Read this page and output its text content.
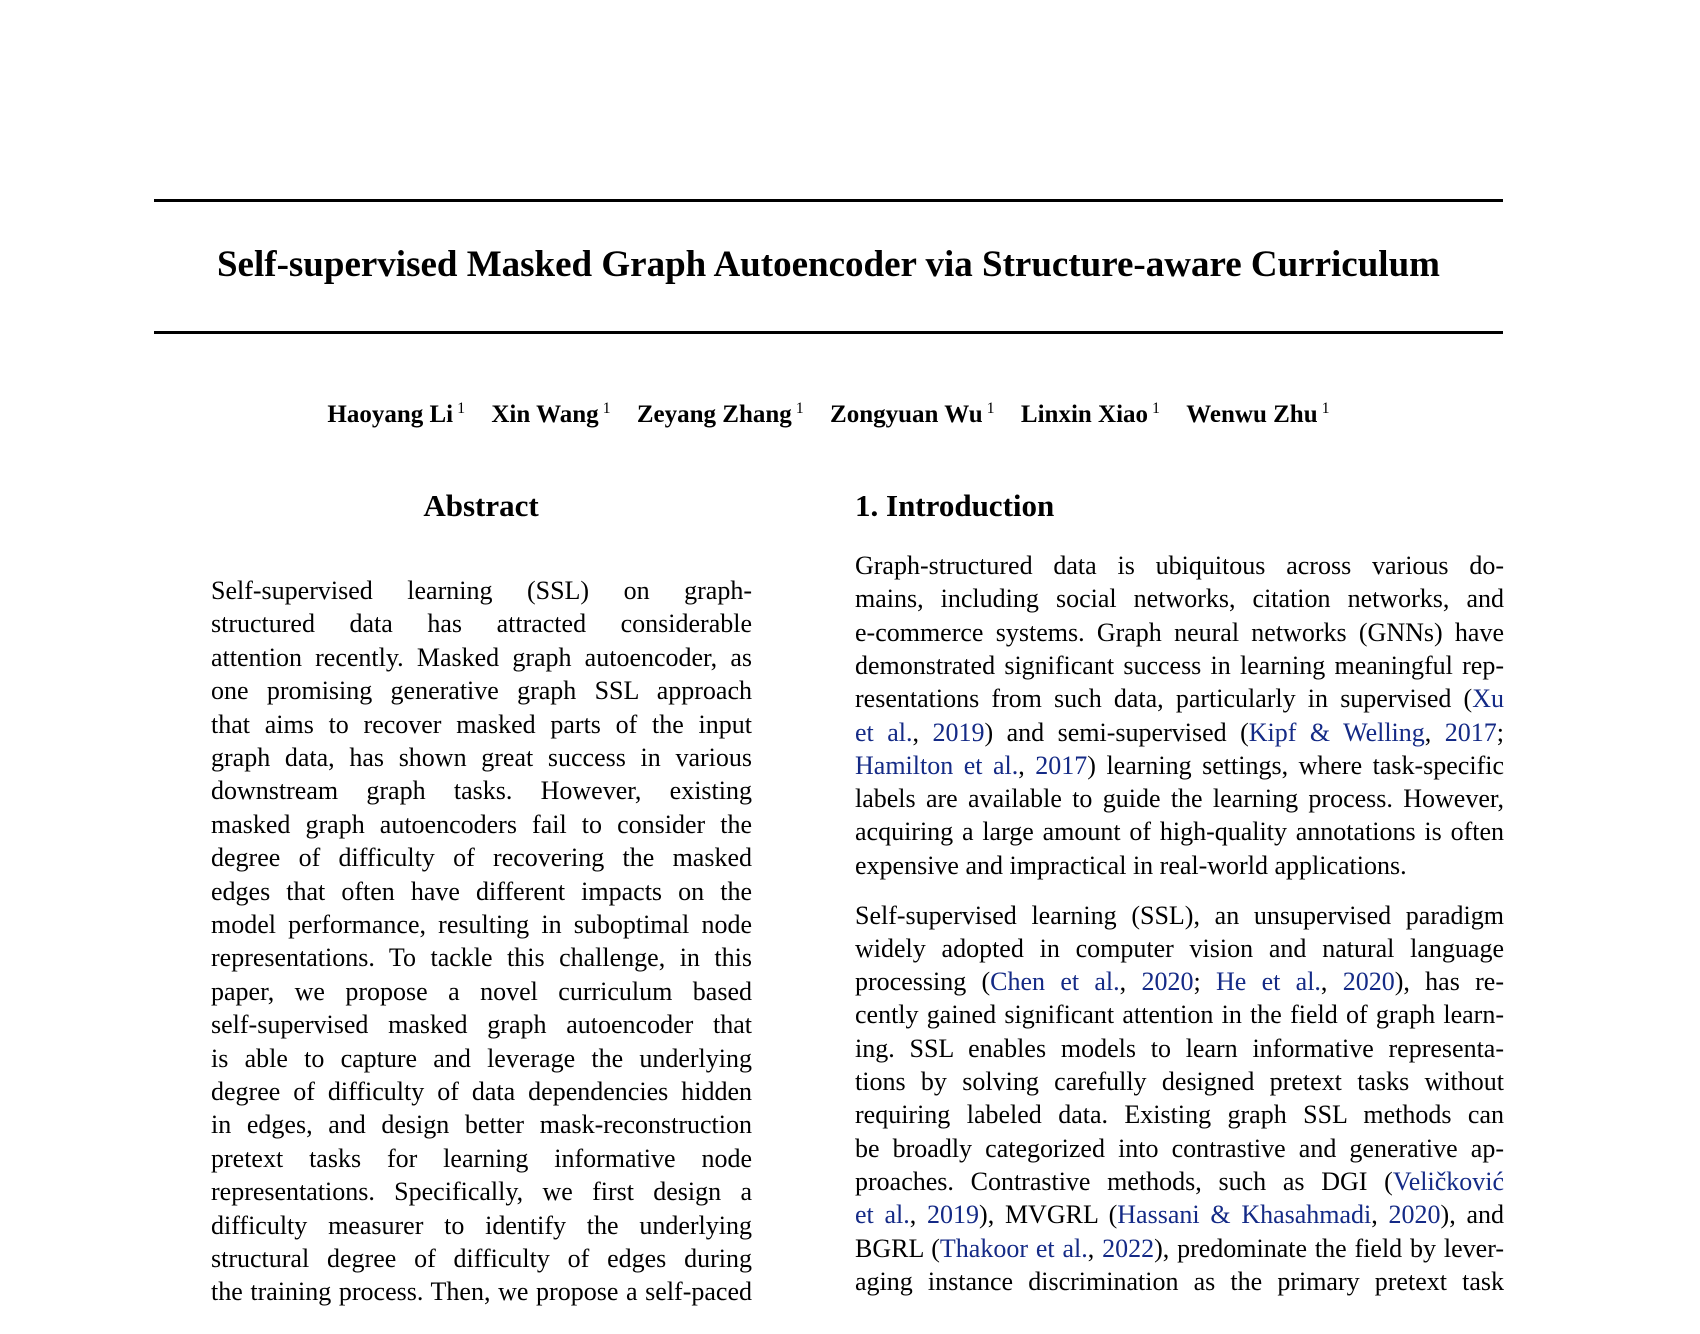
Self-supervised Masked Graph Autoencoder via Structure-aware Curriculum
Haoyang Li $^1$ Xin Wang $^1$ Zeyang Zhang $^1$ Zongyuan Wu $^1$ Linxin Xiao $^1$ Wenwu Zhu $^1$
Abstract
Self-supervised learning (SSL) on graph-
structured data has attracted considerable
attention recently. Masked graph autoencoder, as
one promising generative graph SSL approach
that aims to recover masked parts of the input
graph data, has shown great success in various
downstream graph tasks. However, existing
masked graph autoencoders fail to consider the
degree of difficulty of recovering the masked
edges that often have different impacts on the
model performance, resulting in suboptimal node
representations. To tackle this challenge, in this
paper, we propose a novel curriculum based
self-supervised masked graph autoencoder that
is able to capture and leverage the underlying
degree of difficulty of data dependencies hidden
in edges, and design better mask-reconstruction
pretext tasks for learning informative node
representations. Specifically, we first design a
difficulty measurer to identify the underlying
structural degree of difficulty of edges during
the training process. Then, we propose a self-paced
1. Introduction
Graph-structured data is ubiquitous across various do-
mains, including social networks, citation networks, and
e-commerce systems. Graph neural networks (GNNs) have
demonstrated significant success in learning meaningful rep-
resentations from such data, particularly in supervised (Xu
et al., 2019) and semi-supervised (Kipf & Welling, 2017;
Hamilton et al., 2017) learning settings, where task-specific
labels are available to guide the learning process. However,
acquiring a large amount of high-quality annotations is often
expensive and impractical in real-world applications.
Self-supervised learning (SSL), an unsupervised paradigm
widely adopted in computer vision and natural language
processing (Chen et al., 2020; He et al., 2020), has re-
cently gained significant attention in the field of graph learn-
ing. SSL enables models to learn informative representa-
tions by solving carefully designed pretext tasks without
requiring labeled data. Existing graph SSL methods can
be broadly categorized into contrastive and generative ap-
proaches. Contrastive methods, such as DGI (Veličković
et al., 2019), MVGRL (Hassani & Khasahmadi, 2020), and
BGRL (Thakoor et al., 2022), predominate the field by lever-
aging instance discrimination as the primary pretext task
